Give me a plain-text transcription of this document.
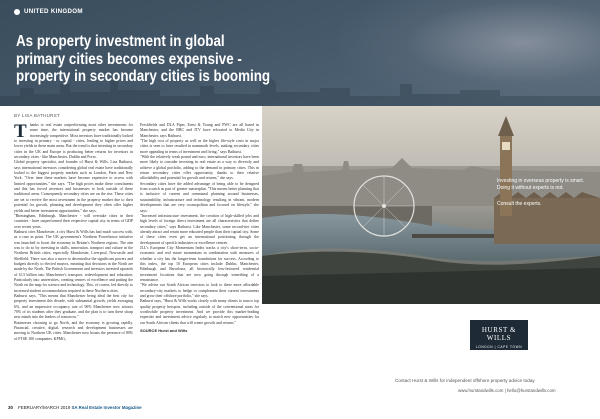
UNITED KINGDOM
As property investment in global primary cities becomes expensive - property in secondary cities is booming
BY LISA BATHURST

Thanks to real estate outperforming most other investments for some time, the international property market has become increasingly competitive. Most investors have traditionally looked to investing in primary - or capital - cities, leading to higher prices and lower yields in these main areas. But the trend is that investing in secondary cities in the UK and Europe is producing better returns for investors in secondary cities - like Manchester, Dublin and Porto.

Global property specialist, and founder of Hurst & Wills, Lisa Bathurst, says international investors considering global real estate have traditionally looked to the biggest property markets such as London, Paris and New York. "Over time these markets have become expensive to access with limited opportunities," she says. "The high prices make these constituents and this has forced investors and businesses to look outside of these traditional areas. Consequently secondary cities are on the rise. These cities are set to receive the most investment in the property market due to their potential for growth, planning and development they often offer higher yields and better investment opportunities," she says.

"Birmingham, Edinburgh, Manchester - will overtake cities in their countries - have outperformed their respective capital city in terms of GDP over recent years.

Bathurst cites Manchester, a city Hurst & Wills has had much success with, as a case in point. The UK government's Northern Powerhouse initiative was launched to boost the economy in Britain's Northern regions. The aim was to do so by investing in skills, innovation, transport and culture in the Northern British cities, especially Manchester, Liverpool, Newcastle and Sheffield. There was also a move to decentralise the significant powers and budgets directly to elected mayors, meaning that decisions in the North are made by the North. The British Government and investors invested upwards of £13 billion into Manchester's transport, redevelopment and education. Particularly into universities, creating centres of excellence and putting the North on the map for science and technology. This, of course, led directly to increased student accommodation required in these Northern cities.

Bathurst says, "This means that Manchester being ideal the best city for property investment this decade, with substantial growth, yields averaging 6%, and an impressive occupancy rate of 96% Manchester now attracts 70% of its students after they graduate, and the plan is to turn these sharp new minds into the leaders of tomorrow."

Businesses choosing to go North, and the economy is growing rapidly. Financial, creative, digital, research and development businesses are moving to Northern UK cities. Manchester now boasts the presence of 80% of FTSE 100 companies. KPMG,

Freshfields and DLA Piper, Ernst & Young and PWC are all based in Manchester, and the BBC and ITV have relocated to Media City in Manchester, says Bathurst.

"The high cost of property as well as the higher life-style costs in major cities is seen to have resulted in mammoth levels, making secondary cities more appealing in terms of investment and living," says Bathurst.

"With the relatively weak pound and euro, international investors have been more likely to consider investing in real estate as a way to diversify and achieve a global portfolio, adding to the demand in primary cities. This in return secondary cities offer opportunity, thanks to their relative affordability and potential for growth and returns," she says.

Secondary cities have the added advantage of being able to be designed from scratch as part of greater masterplan. "This means better planning that is inclusive of current and communal planning around businesses, sustainability, infrastructure and technology resulting in vibrant, modern developments that are very cosmopolitan and focused on lifestyle," she says.

"Increased infrastructure investment, the creation of high-skilled jobs and high levels of foreign direct investment are all characteristics that define secondary cities," says Bathurst. Like Manchester, some second-tier cities already attract and retain more educated people than their capital city. Some of these cities even get an international positioning through the development of specific industries or excellence centres.

JLL's European City Momentum Index tracks a city's short-term, socio-economic and real estate momentum in combination with measures of whether a city has the longer-term foundations for success. According to this index, the top 10 European cities include Dublin, Manchester, Edinburgh and Barcelona, all historically less-favoured residential investment locations that are now going through something of a renaissance.

"We advise our South African investors to look to these more affordable secondary-city markets to hedge or complement their current investments and grow their offshore portfolio," she says.

Bathurst says, "Hurst & Wills works closely with many clients to source top quality property hotspots, including outside of the conventional areas for worthwhile property investment. And we provide this market-leading expertise and investment advice regularly to match new opportunities for our South African clients that will create growth and returns."

SOURCE Hurst and Wills

Investing in overseas property is smart. Doing it without experts is not.
Consult the experts.
HURST & WILLS
LONDON | CAPE TOWN
Contact Hurst & Wills for independent offshore property advice today.
www.hurstandwills.com | hello@hurstandwills.com
30 FEBRUARY/MARCH 2019 SA Real Estate Investor Magazine
